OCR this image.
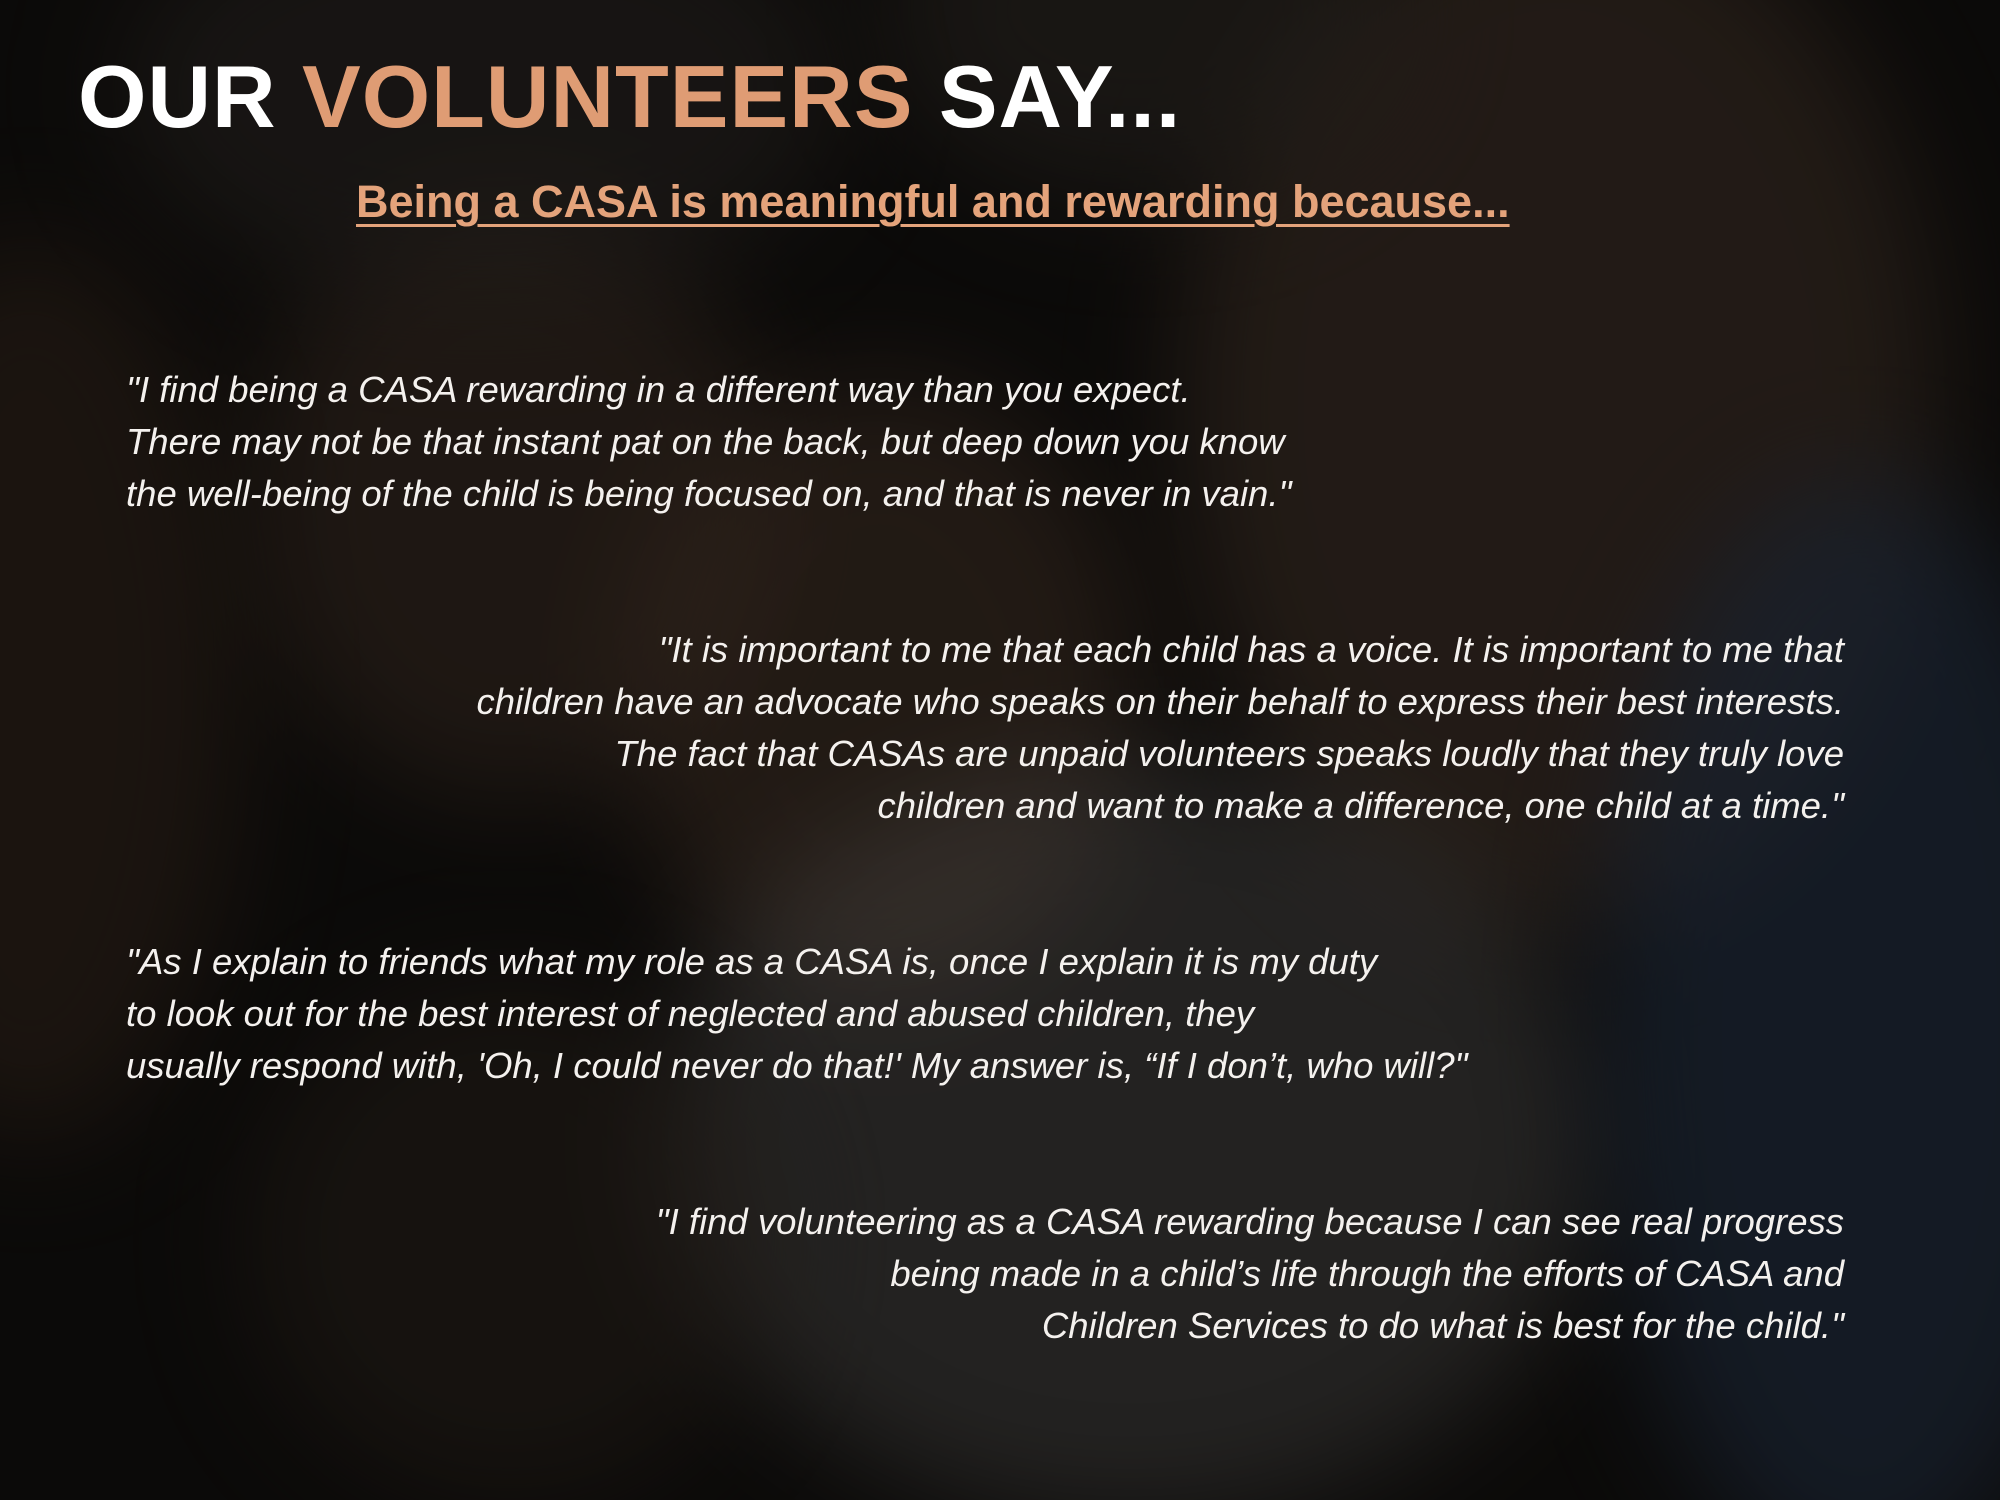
OUR VOLUNTEERS SAY...
Being a CASA is meaningful and rewarding because...

"I find being a CASA rewarding in a different way than you expect.
There may not be that instant pat on the back, but deep down you know
the well-being of the child is being focused on, and that is never in vain."

"It is important to me that each child has a voice. It is important to me that
children have an advocate who speaks on their behalf to express their best interests.
The fact that CASAs are unpaid volunteers speaks loudly that they truly love
children and want to make a difference, one child at a time."

"As I explain to friends what my role as a CASA is, once I explain it is my duty
to look out for the best interest of neglected and abused children, they
usually respond with, 'Oh, I could never do that!' My answer is, “If I don’t, who will?"

"I find volunteering as a CASA rewarding because I can see real progress
being made in a child’s life through the efforts of CASA and
Children Services to do what is best for the child."
